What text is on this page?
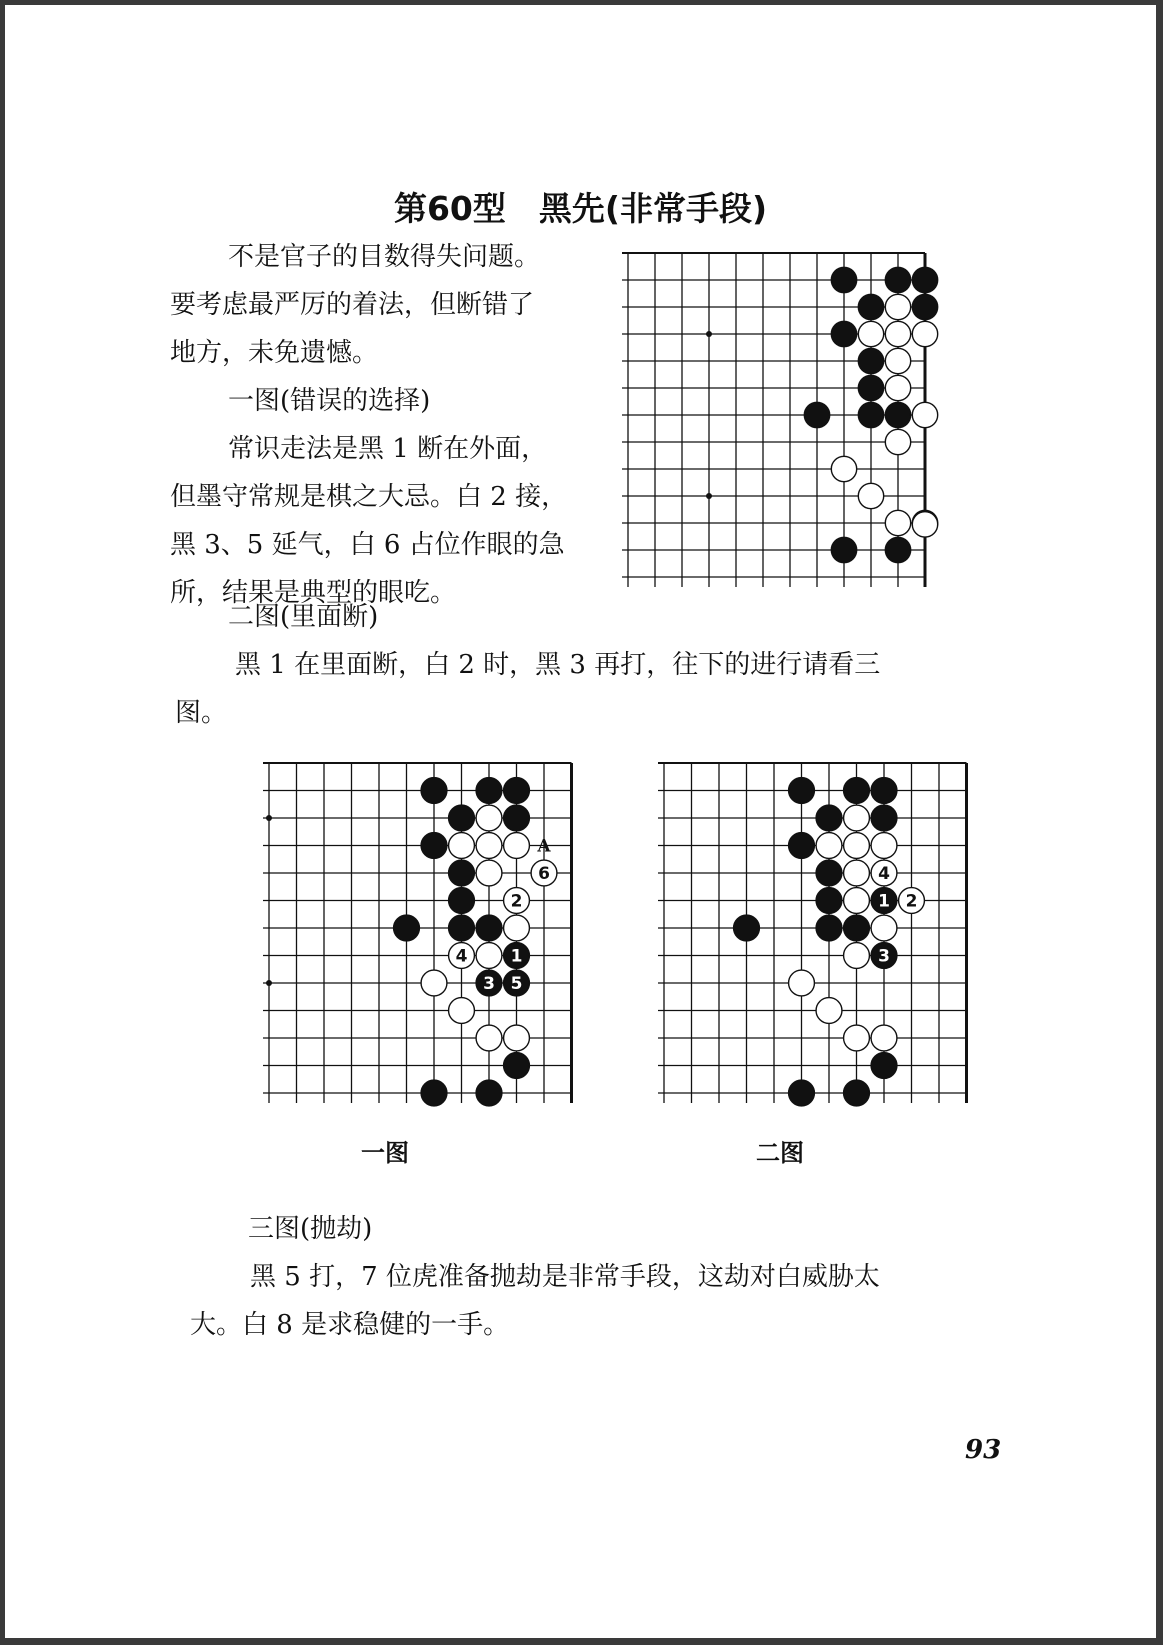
第60型　黑先(非常手段)

不是官子的目数得失问题。
要考虑最严厉的着法，但断错了
地方，未免遗憾。

一图(错误的选择)

常识走法是黑 1 断在外面，
但墨守常规是棋之大忌。白 2 接，
黑 3、5 延气，白 6 占位作眼的急
所，结果是典型的眼吃。

二图(里面断)

黑 1 在里面断，白 2 时，黑 3 再打，往下的进行请看三
图。

6
2
1
4
3 5
A
4
1 2
3

一图	二图

三图(抛劫)

黑 5 打，7 位虎准备抛劫是非常手段，这劫对白威胁太
大。白 8 是求稳健的一手。

93
